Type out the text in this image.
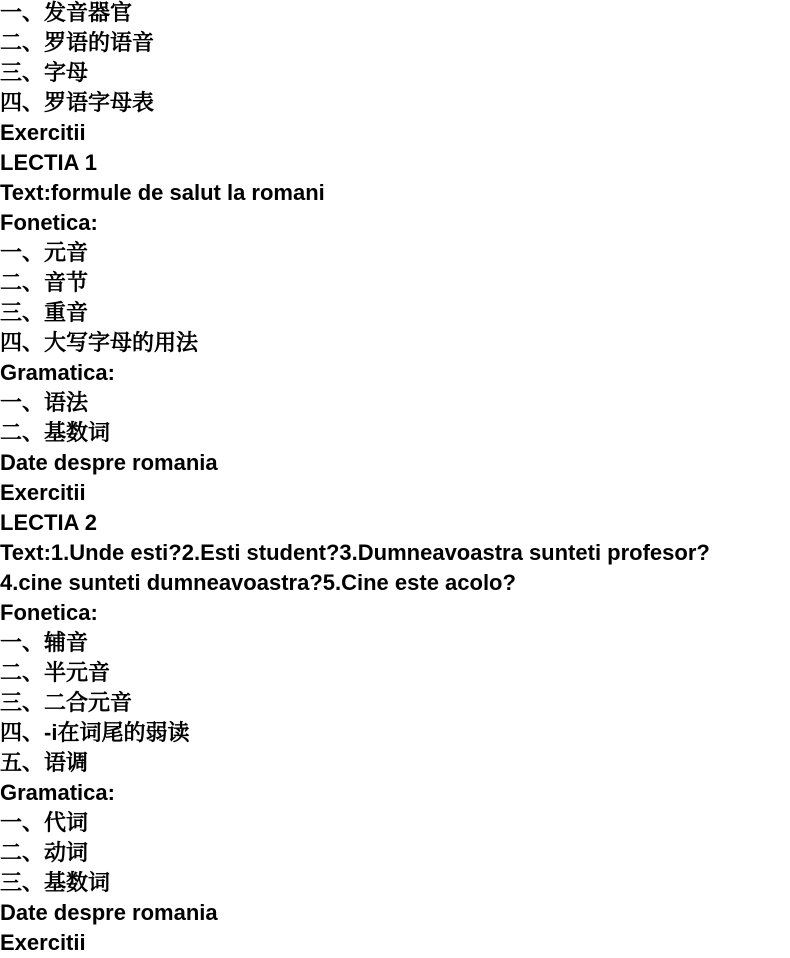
一、发音器官
二、罗语的语音
三、字母
四、罗语字母表
Exercitii
LECTIA 1
Text:formule de salut la romani
Fonetica:
一、元音
二、音节
三、重音
四、大写字母的用法
Gramatica:
一、语法
二、基数词
Date despre romania
Exercitii
LECTIA 2
Text:1.Unde esti?2.Esti student?3.Dumneavoastra sunteti profesor?
4.cine sunteti dumneavoastra?5.Cine este acolo?
Fonetica:
一、辅音
二、半元音
三、二合元音
四、-i在词尾的弱读
五、语调
Gramatica:
一、代词
二、动词
三、基数词
Date despre romania
Exercitii
